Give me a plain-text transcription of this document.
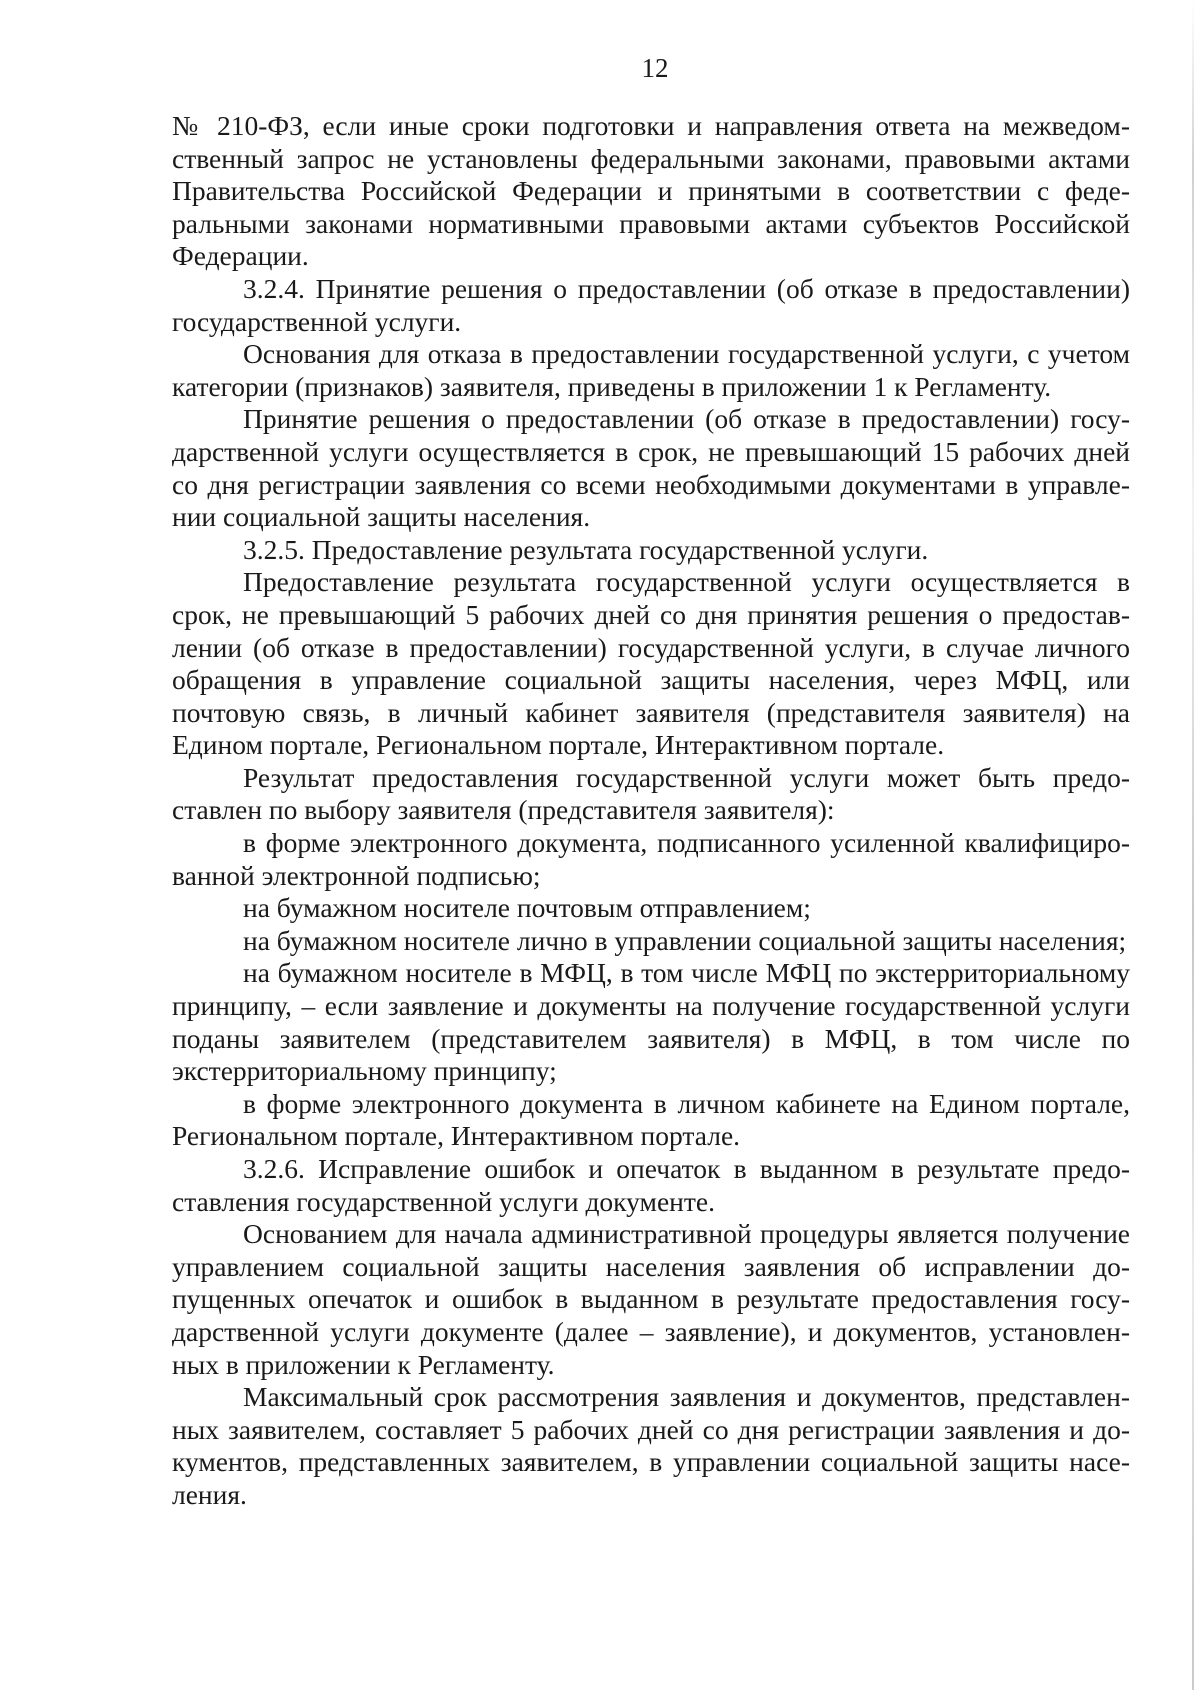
12

№ 210-ФЗ, если иные сроки подготовки и направления ответа на межведомственный запрос не установлены федеральными законами, правовыми актами Правительства Российской Федерации и принятыми в соответствии с федеральными законами нормативными правовыми актами субъектов Российской Федерации.

3.2.4. Принятие решения о предоставлении (об отказе в предоставлении) государственной услуги.

Основания для отказа в предоставлении государственной услуги, с учетом категории (признаков) заявителя, приведены в приложении 1 к Регламенту.

Принятие решения о предоставлении (об отказе в предоставлении) государственной услуги осуществляется в срок, не превышающий 15 рабочих дней со дня регистрации заявления со всеми необходимыми документами в управлении социальной защиты населения.

3.2.5. Предоставление результата государственной услуги.

Предоставление результата государственной услуги осуществляется в срок, не превышающий 5 рабочих дней со дня принятия решения о предоставлении (об отказе в предоставлении) государственной услуги, в случае личного обращения в управление социальной защиты населения, через МФЦ, или почтовую связь, в личный кабинет заявителя (представителя заявителя) на Едином портале, Региональном портале, Интерактивном портале.

Результат предоставления государственной услуги может быть предоставлен по выбору заявителя (представителя заявителя):

в форме электронного документа, подписанного усиленной квалифицированной электронной подписью;

на бумажном носителе почтовым отправлением;

на бумажном носителе лично в управлении социальной защиты населения;

на бумажном носителе в МФЦ, в том числе МФЦ по экстерриториальному принципу, – если заявление и документы на получение государственной услуги поданы заявителем (представителем заявителя) в МФЦ, в том числе по экстерриториальному принципу;

в форме электронного документа в личном кабинете на Едином портале, Региональном портале, Интерактивном портале.

3.2.6. Исправление ошибок и опечаток в выданном в результате предоставления государственной услуги документе.

Основанием для начала административной процедуры является получение управлением социальной защиты населения заявления об исправлении допущенных опечаток и ошибок в выданном в результате предоставления государственной услуги документе (далее – заявление), и документов, установленных в приложении к Регламенту.

Максимальный срок рассмотрения заявления и документов, представленных заявителем, составляет 5 рабочих дней со дня регистрации заявления и документов, представленных заявителем, в управлении социальной защиты населения.
